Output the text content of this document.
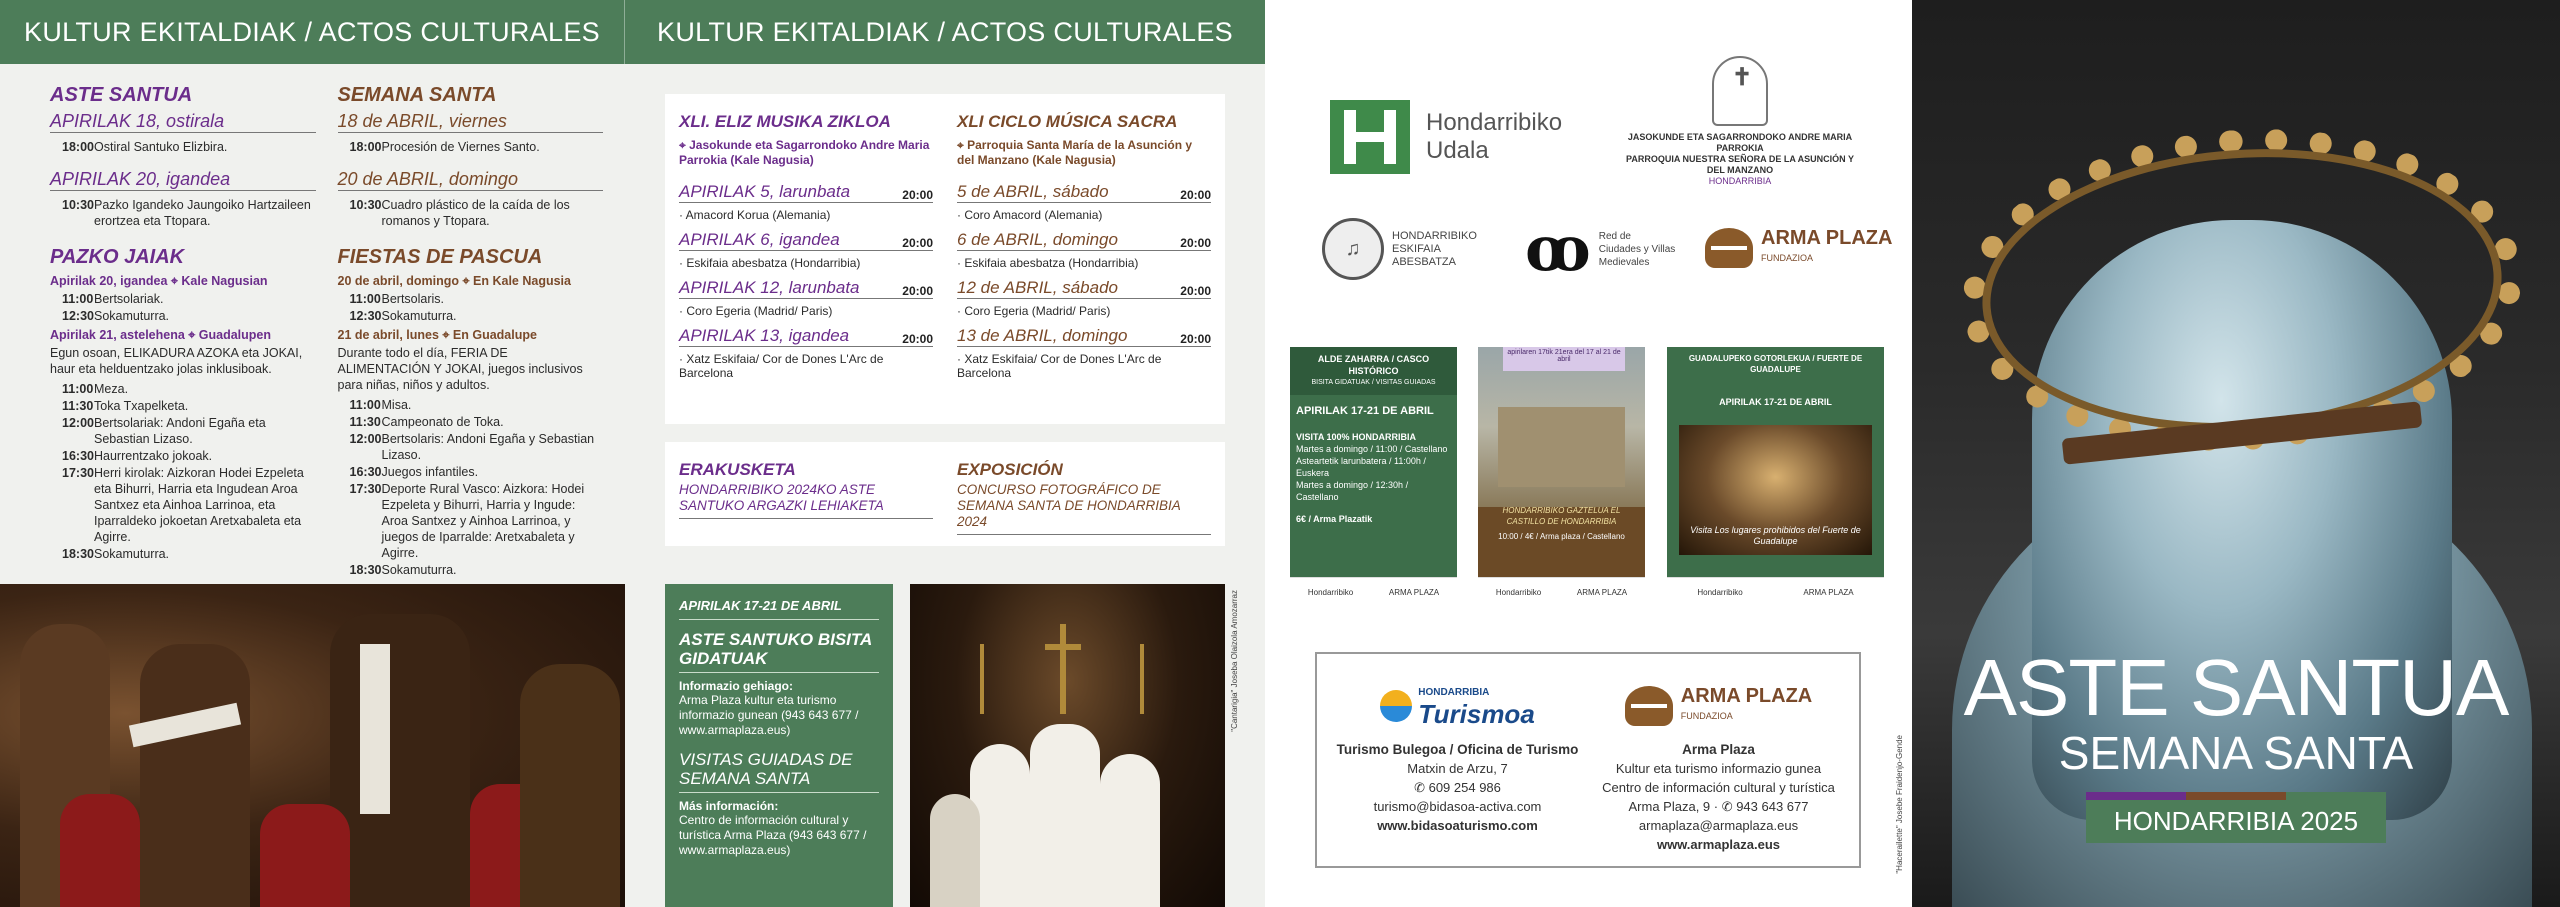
KULTUR EKITALDIAK / ACTOS CULTURALES
ASTE SANTUA
APIRILAK 18, ostirala
18:00 Ostiral Santuko Elizbira.
APIRILAK 20, igandea
10:30 Pazko Igandeko Jaungoiko Hartzaileen erortzea eta Ttopara.
PAZKO JAIAK
Apirilak 20, igandea ⌖ Kale Nagusian
11:00 Bertsolariak.
12:30 Sokamuturra.
Apirilak 21, astelehena ⌖ Guadalupen
Egun osoan, ELIKADURA AZOKA eta JOKAI, haur eta helduentzako jolas inklusiboak.
11:00 Meza.
11:30 Toka Txapelketa.
12:00 Bertsolariak: Andoni Egaña eta Sebastian Lizaso.
16:30 Haurrentzako jokoak.
17:30 Herri kirolak: Aizkoran Hodei Ezpeleta eta Bihurri, Harria eta Ingudean Aroa Santxez eta Ainhoa Larrinoa, eta Iparraldeko jokoetan Aretxabaleta eta Agirre.
18:30 Sokamuturra.
SEMANA SANTA
18 de ABRIL, viernes
18:00 Procesión de Viernes Santo.
20 de ABRIL, domingo
10:30 Cuadro plástico de la caída de los romanos y Ttopara.
FIESTAS DE PASCUA
20 de abril, domingo ⌖ En Kale Nagusia
11:00 Bertsolaris.
12:30 Sokamuturra.
21 de abril, lunes ⌖ En Guadalupe
Durante todo el día, FERIA DE ALIMENTACIÓN Y JOKAI, juegos inclusivos para niñas, niños y adultos.
11:00 Misa.
11:30 Campeonato de Toka.
12:00 Bertsolaris: Andoni Egaña y Sebastian Lizaso.
16:30 Juegos infantiles.
17:30 Deporte Rural Vasco: Aizkora: Hodei Ezpeleta y Bihurri, Harria y Ingude: Aroa Santxez y Ainhoa Larrinoa, y juegos de Iparralde: Aretxabaleta y Agirre.
18:30 Sokamuturra.
KULTUR EKITALDIAK / ACTOS CULTURALES
XLI. ELIZ MUSIKA ZIKLOA
⌖ Jasokunde eta Sagarrondoko Andre Maria Parrokia (Kale Nagusia)
APIRILAK 5, larunbata	20:00
· Amacord Korua (Alemania)
APIRILAK 6, igandea	20:00
· Eskifaia abesbatza (Hondarribia)
APIRILAK 12, larunbata	20:00
· Coro Egeria (Madrid/ Paris)
APIRILAK 13, igandea	20:00
· Xatz Eskifaia/ Cor de Dones L'Arc de Barcelona
XLI CICLO MÚSICA SACRA
⌖ Parroquia Santa María de la Asunción y del Manzano (Kale Nagusia)
5 de ABRIL, sábado	20:00
· Coro Amacord (Alemania)
6 de ABRIL, domingo	20:00
· Eskifaia abesbatza (Hondarribia)
12 de ABRIL, sábado	20:00
· Coro Egeria (Madrid/ Paris)
13 de ABRIL, domingo	20:00
· Xatz Eskifaia/ Cor de Dones L'Arc de Barcelona
ERAKUSKETA
HONDARRIBIKO 2024KO ASTE SANTUKO ARGAZKI LEHIAKETA
EXPOSICIÓN
CONCURSO FOTOGRÁFICO DE SEMANA SANTA DE HONDARRIBIA 2024
APIRILAK 17-21 DE ABRIL
ASTE SANTUKO BISITA GIDATUAK
Informazio gehiago:
Arma Plaza kultur eta turismo informazio gunean (943 643 677 / www.armaplaza.eus)
VISITAS GUIADAS DE SEMANA SANTA
Más información:
Centro de información cultural y turística Arma Plaza (943 643 677 / www.armaplaza.eus)
"Cantarigia" Joseba Olaizola Amozarraz
Hondarribiko
Udala
✝	JASOKUNDE ETA SAGARRONDOKO ANDRE MARIA PARROKIA
PARROQUIA NUESTRA SEÑORA DE LA ASUNCIÓN Y DEL MANZANO
HONDARRIBIA
♫
HONDARRIBIKO
ESKIFAIA
ABESBATZA	ꝏ Red de
Ciudades y Villas
Medievales
ARMA PLAZA
FUNDAZIOA
ALDE ZAHARRA / CASCO HISTÓRICO
BISITA GIDATUAK / VISITAS GUIADAS
APIRILAK 17-21 DE ABRIL
VISITA 100% HONDARRIBIA
Martes a domingo / 11:00 / Castellano
Asteartetik larunbatera / 11:00h / Euskera
Martes a domingo / 12:30h / Castellano
6€ / Arma Plazatik
Hondarribiko	ARMA PLAZA
apirilaren 17tik 21era del 17 al 21 de abril
HONDARRIBIKO GAZTELUA EL CASTILLO DE HONDARRIBIA
10:00 / 4€ / Arma plaza / Castellano
Hondarribiko	ARMA PLAZA
GUADALUPEKO GOTORLEKUA / FUERTE DE GUADALUPE
APIRILAK 17-21 DE ABRIL
Visita Los lugares prohibidos del Fuerte de Guadalupe
Hondarribiko	ARMA PLAZA
HONDARRIBIA
Turismoa
Turismo Bulegoa / Oficina de Turismo
Matxin de Arzu, 7
✆ 609 254 986
turismo@bidasoa-activa.com
www.bidasoaturismo.com
ARMA PLAZA
FUNDAZIOA
Arma Plaza
Kultur eta turismo informazio gunea
Centro de información cultural y turística
Arma Plaza, 9 · ✆ 943 643 677
armaplaza@armaplaza.eus
www.armaplaza.eus	"Hacerailette" Josebe Fraidenjo-Gende
ASTE SANTUA
SEMANA SANTA
HONDARRIBIA 2025
